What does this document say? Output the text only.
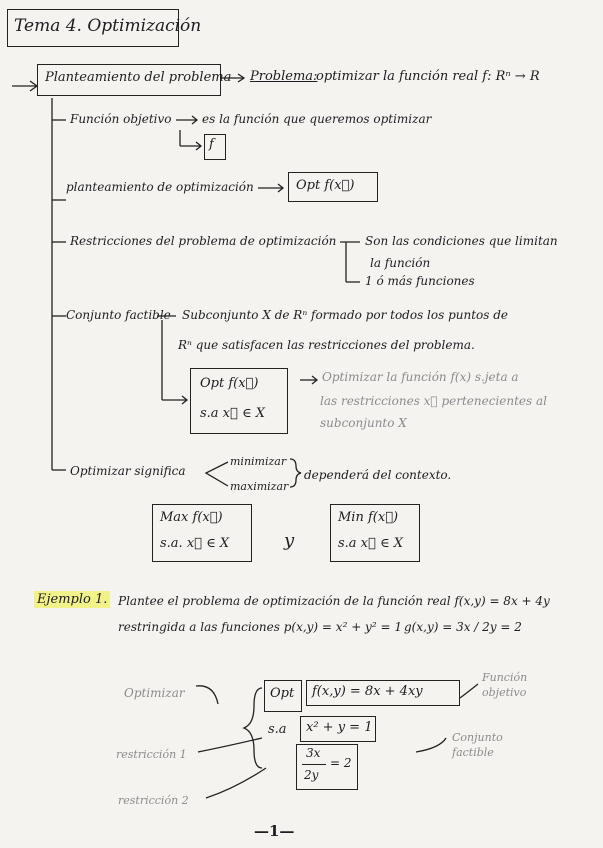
Tema 4. Optimización
Planteamiento del problema Problema:
optimizar la función real f: Rⁿ → R
Función objetivo	es la función que queremos optimizar
f
planteamiento de optimización	Opt f(x⃗)
Restricciones del problema de optimización Son las condiciones que limitan
la función
1 ó más funciones
Conjunto factible Subconjunto X de Rⁿ formado por todos los puntos de
Rⁿ que satisfacen las restricciones del problema.
Opt f(x⃗)
s.a x⃗ ∈ X
Optimizar la función f(x) s.jeta a
las restricciones x⃗ pertenecientes al
subconjunto X
Optimizar significa
minimizar
maximizar
dependerá del contexto.
Max f(x⃗)
s.a. x⃗ ∈ X	y
Min f(x⃗)
s.a x⃗ ∈ X
Ejemplo 1. Plantee el problema de optimización de la función real f(x,y) = 8x + 4y
restringida a las funciones p(x,y) = x² + y² = 1 g(x,y) = 3x / 2y = 2
Optimizar
restricción 1
restricción 2
Opt f(x,y) = 8x + 4xy
s.a x² + y = 1
3x
2y
= 2
Función objetivo
Conjunto factible
—1—
